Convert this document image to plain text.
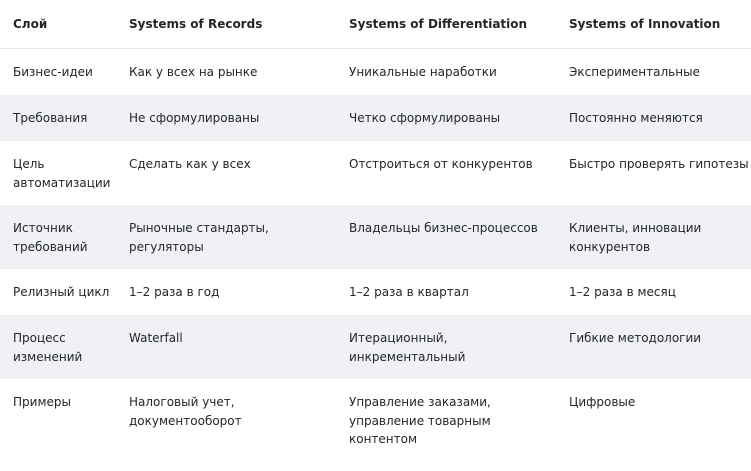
Слой	Systems of Records	Systems of Differentiation	Systems of Innovation
Бизнес-идеи	Как у всех на рынке	Уникальные наработки	Экспериментальные
Требования	Не сформулированы	Четко сформулированы	Постоянно меняются
Цель автоматизации	Сделать как у всех	Отстроиться от конкурентов	Быстро проверять гипотезы
Источник требований	Рыночные стандарты, регуляторы	Владельцы бизнес-процессов	Клиенты, инновации конкурентов
Релизный цикл	1–2 раза в год	1–2 раза в квартал	1–2 раза в месяц
Процесс изменений	Waterfall	Итерационный, инкрементальный	Гибкие методологии
Примеры	Налоговый учет, документооборот	Управление заказами, управление товарным контентом	Цифровые
